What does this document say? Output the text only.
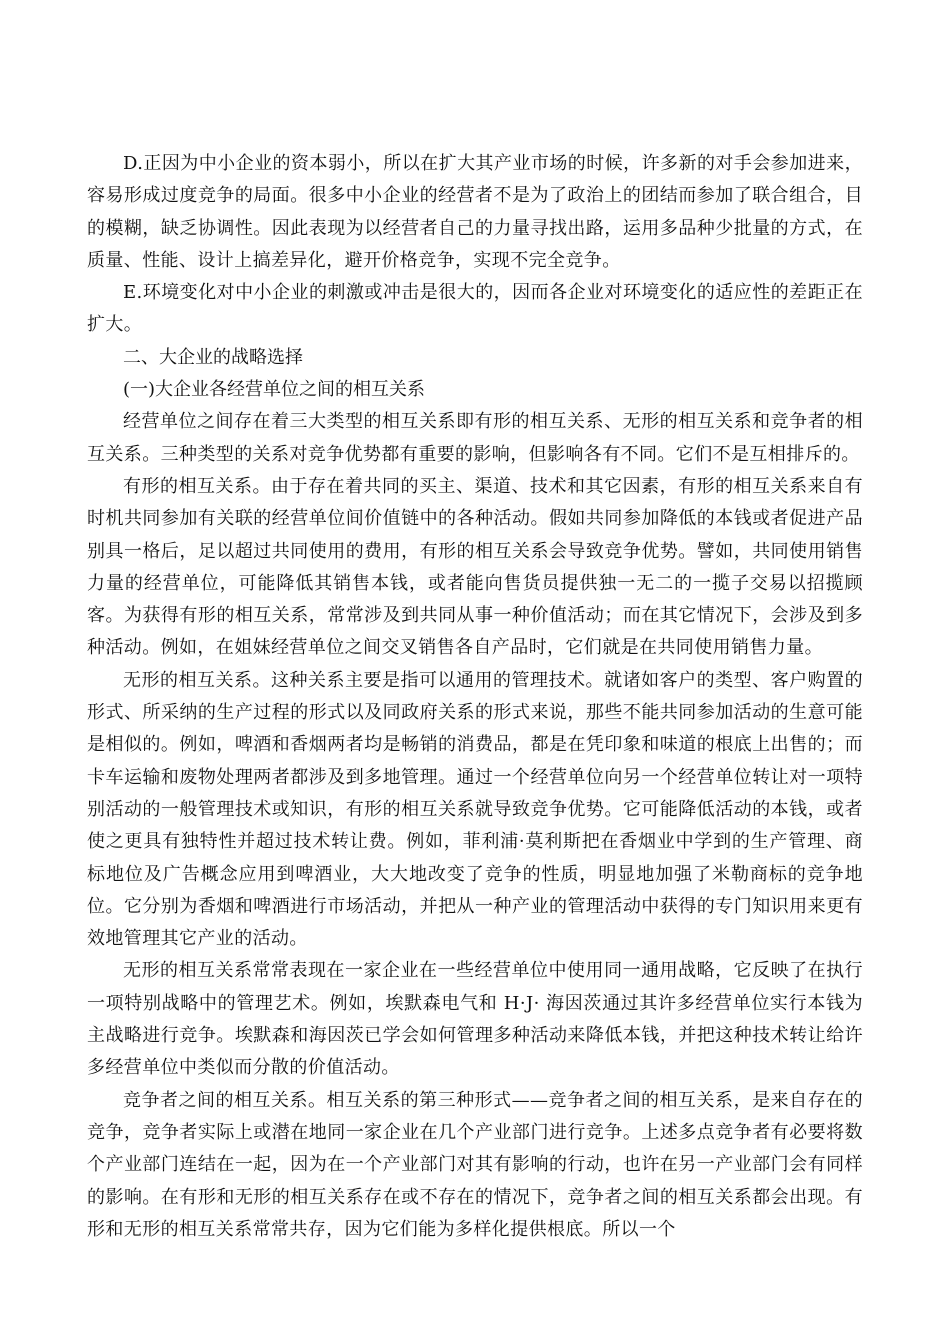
D.正因为中小企业的资本弱小，所以在扩大其产业市场的时候，许多新的对手会参加进来，容易形成过度竞争的局面。很多中小企业的经营者不是为了政治上的团结而参加了联合组合，目的模糊，缺乏协调性。因此表现为以经营者自己的力量寻找出路，运用多品种少批量的方式，在质量、性能、设计上搞差异化，避开价格竞争，实现不完全竞争。

E.环境变化对中小企业的刺激或冲击是很大的，因而各企业对环境变化的适应性的差距正在扩大。

二、大企业的战略选择

(一)大企业各经营单位之间的相互关系

经营单位之间存在着三大类型的相互关系即有形的相互关系、无形的相互关系和竞争者的相互关系。三种类型的关系对竞争优势都有重要的影响，但影响各有不同。它们不是互相排斥的。

有形的相互关系。由于存在着共同的买主、渠道、技术和其它因素，有形的相互关系来自有时机共同参加有关联的经营单位间价值链中的各种活动。假如共同参加降低的本钱或者促进产品别具一格后，足以超过共同使用的费用，有形的相互关系会导致竞争优势。譬如，共同使用销售力量的经营单位，可能降低其销售本钱，或者能向售货员提供独一无二的一揽子交易以招揽顾客。为获得有形的相互关系，常常涉及到共同从事一种价值活动；而在其它情况下，会涉及到多种活动。例如，在姐妹经营单位之间交叉销售各自产品时，它们就是在共同使用销售力量。

无形的相互关系。这种关系主要是指可以通用的管理技术。就诸如客户的类型、客户购置的形式、所采纳的生产过程的形式以及同政府关系的形式来说，那些不能共同参加活动的生意可能是相似的。例如，啤酒和香烟两者均是畅销的消费品，都是在凭印象和味道的根底上出售的；而卡车运输和废物处理两者都涉及到多地管理。通过一个经营单位向另一个经营单位转让对一项特别活动的一般管理技术或知识，有形的相互关系就导致竞争优势。它可能降低活动的本钱，或者使之更具有独特性并超过技术转让费。例如，菲利浦·莫利斯把在香烟业中学到的生产管理、商标地位及广告概念应用到啤酒业，大大地改变了竞争的性质，明显地加强了米勒商标的竞争地位。它分别为香烟和啤酒进行市场活动，并把从一种产业的管理活动中获得的专门知识用来更有效地管理其它产业的活动。

无形的相互关系常常表现在一家企业在一些经营单位中使用同一通用战略，它反映了在执行一项特别战略中的管理艺术。例如，埃默森电气和 H·J· 海因茨通过其许多经营单位实行本钱为主战略进行竞争。埃默森和海因茨已学会如何管理多种活动来降低本钱，并把这种技术转让给许多经营单位中类似而分散的价值活动。

竞争者之间的相互关系。相互关系的第三种形式——竞争者之间的相互关系，是来自存在的竞争，竞争者实际上或潜在地同一家企业在几个产业部门进行竞争。上述多点竞争者有必要将数个产业部门连结在一起，因为在一个产业部门对其有影响的行动，也许在另一产业部门会有同样的影响。在有形和无形的相互关系存在或不存在的情况下，竞争者之间的相互关系都会出现。有形和无形的相互关系常常共存，因为它们能为多样化提供根底。所以一个
